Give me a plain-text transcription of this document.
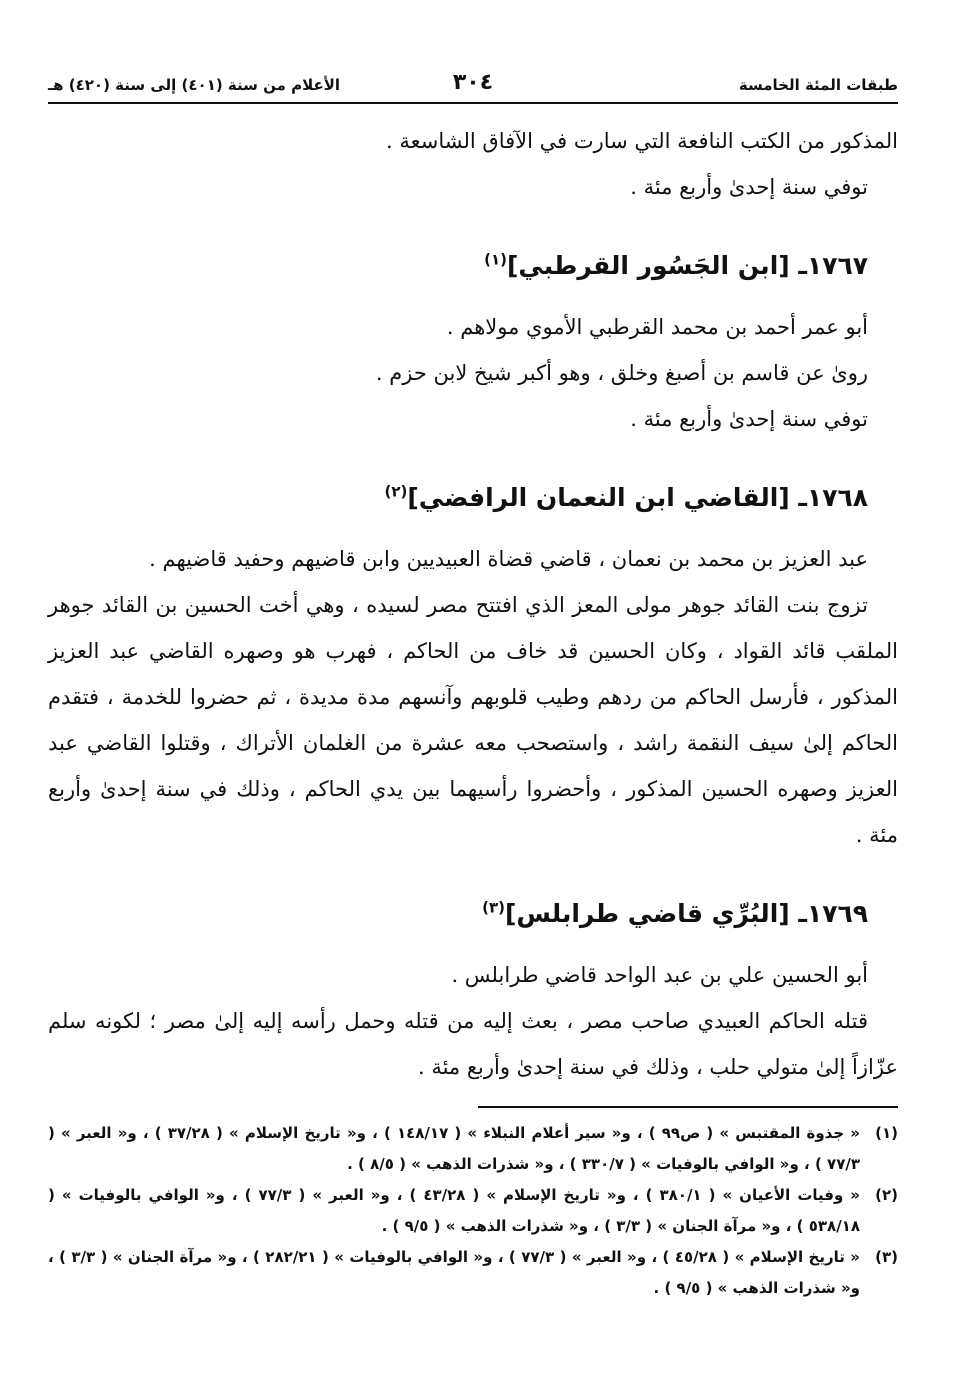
طبقات المئة الخامسة
٣٠٤
الأعلام من سنة (٤٠١) إلى سنة (٤٢٠) هـ

المذكور من الكتب النافعة التي سارت في الآفاق الشاسعة .

توفي سنة إحدىٰ وأربع مئة .

١٧٦٧ـ [ابن الجَسُور القرطبي]$^{(١)}$

أبو عمر أحمد بن محمد القرطبي الأموي مولاهم .

رویٰ عن قاسم بن أصبغ وخلق ، وهو أكبر شيخ لابن حزم .

توفي سنة إحدىٰ وأربع مئة .

١٧٦٨ـ [القاضي ابن النعمان الرافضي]$^{(٢)}$

عبد العزيز بن محمد بن نعمان ، قاضي قضاة العبيديين وابن قاضيهم وحفيد قاضيهم .

تزوج بنت القائد جوهر مولى المعز الذي افتتح مصر لسيده ، وهي أخت الحسين بن القائد جوهر الملقب قائد القواد ، وكان الحسين قد خاف من الحاكم ، فهرب هو وصهره القاضي عبد العزيز المذكور ، فأرسل الحاكم من ردهم وطيب قلوبهم وآنسهم مدة مديدة ، ثم حضروا للخدمة ، فتقدم الحاكم إلىٰ سيف النقمة راشد ، واستصحب معه عشرة من الغلمان الأتراك ، وقتلوا القاضي عبد العزيز وصهره الحسين المذكور ، وأحضروا رأسيهما بين يدي الحاكم ، وذلك في سنة إحدىٰ وأربع مئة .

١٧٦٩ـ [البُرِّي قاضي طرابلس]$^{(٣)}$

أبو الحسين علي بن عبد الواحد قاضي طرابلس .

قتله الحاكم العبيدي صاحب مصر ، بعث إليه من قتله وحمل رأسه إليه إلىٰ مصر ؛ لكونه سلم عزّازاً إلىٰ متولي حلب ، وذلك في سنة إحدىٰ وأربع مئة .

(١)
« جذوة المقتبس » ( ص٩٩ ) ، و« سير أعلام النبلاء » ( ١٤٨/١٧ ) ، و« تاريخ الإسلام » ( ٣٧/٢٨ ) ، و« العبر » ( ٧٧/٣ ) ، و« الوافي بالوفيات » ( ٣٣٠/٧ ) ، و« شذرات الذهب » ( ٨/٥ ) .
(٢)
« وفيات الأعيان » ( ٣٨٠/١ ) ، و« تاريخ الإسلام » ( ٤٣/٢٨ ) ، و« العبر » ( ٧٧/٣ ) ، و« الوافي بالوفيات » ( ٥٣٨/١٨ ) ، و« مرآة الجنان » ( ٣/٣ ) ، و« شذرات الذهب » ( ٩/٥ ) .
(٣)
« تاريخ الإسلام » ( ٤٥/٢٨ ) ، و« العبر » ( ٧٧/٣ ) ، و« الوافي بالوفيات » ( ٢٨٢/٢١ ) ، و« مرآة الجنان » ( ٣/٣ ) ، و« شذرات الذهب » ( ٩/٥ ) .
